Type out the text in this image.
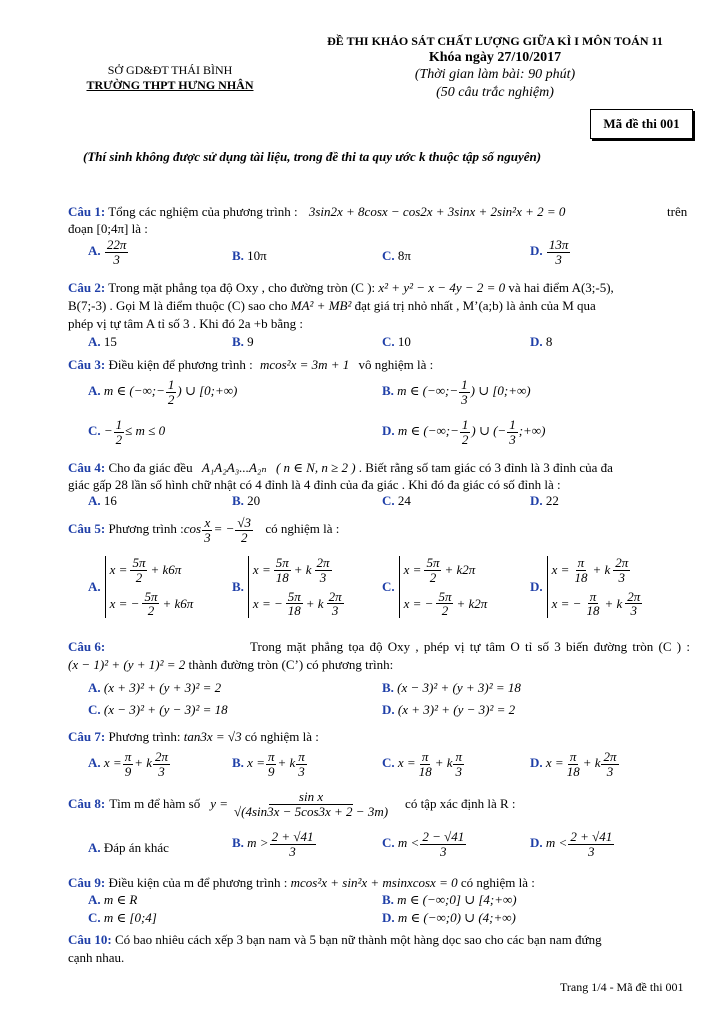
ĐỀ THI KHẢO SÁT CHẤT LƯỢNG GIỮA KÌ I MÔN TOÁN 11
Khóa ngày 27/10/2017
(Thời gian làm bài: 90 phút)
(50 câu trắc nghiệm)
SỞ GD&ĐT THÁI BÌNH
TRƯỜNG THPT HƯNG NHÂN
Mã đề thi 001
(Thí sinh không được sử dụng tài liệu, trong đề thi ta quy ước k thuộc tập số nguyên)
Câu 1: Tổng các nghiệm của phương trình : 3sin2x + 8cosx − cos2x + 3sinx + 2sin²x + 2 = 0	trên
đoạn [0;4π] là :
A. $\frac{22\pi}{3}$	B. 10π	C. 8π	D. $\frac{13\pi}{3}$
Câu 2: Trong mặt phẳng tọa độ Oxy , cho đường tròn (C ): x² + y² − x − 4y − 2 = 0 và hai điểm A(3;-5),
B(7;-3) . Gọi M là điểm thuộc (C) sao cho MA² + MB² đạt giá trị nhỏ nhất , M’(a;b) là ảnh của M qua
phép vị tự tâm A tỉ số 3 . Khi đó 2a +b bằng :
A. 15	B. 9	C. 10	D. 8
Câu 3: Điều kiện để phương trình : mcos²x = 3m + 1 vô nghiệm là :
A. m ∈ (−∞;− $\frac{1}{2}$ ) ∪ [0;+∞)	B. m ∈ (−∞;− $\frac{1}{3}$ ) ∪ [0;+∞)
C. − $\frac{1}{2} \le m \le 0$	D. m ∈ (−∞;− $\frac{1}{2}$ ) ∪ (− $\frac{1}{3}$ ;+∞)
Câu 4: Cho đa giác đều A₁A₂A₃...A₂ₙ ( n ∈ N, n ≥ 2 ) . Biết rằng số tam giác có 3 đỉnh là 3 đỉnh của đa
giác gấp 28 lần số hình chữ nhật có 4 đỉnh là 4 đỉnh của đa giác . Khi đó đa giác có số đỉnh là :
A. 16	B. 20	C. 24	D. 22
Câu 5: Phương trình :cos $\frac{x}{3}$ = − $\frac{√3}{2}$ có nghiệm là :
A.
$x = \frac{5\pi}{2} + k6\pi$
x = − $\frac{5\pi}{2} + k6\pi$
B.
$x = \frac{5\pi}{18} + k \frac{2\pi}{3}$
x = − $\frac{5\pi}{18} + k \frac{2\pi}{3}$
C.
$x = \frac{5\pi}{2} + k2\pi$
x = − $\frac{5\pi}{2} + k2\pi$
D.
$x = \frac{\pi}{18} + k \frac{2\pi}{3}$
x = − $\frac{\pi}{18} + k \frac{2\pi}{3}$
Câu 6:	Trong mặt phẳng tọa độ Oxy , phép vị tự tâm O tỉ số 3 biến đường tròn (C ) :
(x − 1)² + (y + 1)² = 2 thành đường tròn (C’) có phương trình:
A. (x + 3)² + (y + 3)² = 2	B. (x − 3)² + (y + 3)² = 18
C. (x − 3)² + (y − 3)² = 18	D. (x + 3)² + (y − 3)² = 2
Câu 7: Phương trình: tan3x = √3 có nghiệm là :
A. $x = \frac{\pi}{9} + k \frac{2\pi}{3}$	B. $x = \frac{\pi}{9} + k \frac{\pi}{3}$	C. $x = \frac{\pi}{18} + k \frac{\pi}{3}$	D. $x = \frac{\pi}{18} + k \frac{2\pi}{3}$
Câu 8: Tìm m để hàm số $y = \frac{\text{sin x}}{√(4\sin 3x - 5\cos 3x + 2 - 3m)}$ có tập xác định là R :
A. Đáp án khác	B. $m > \frac{2 + √41}{3}$	C. $m < \frac{2 - √41}{3}$	D. $m < \frac{2 + √41}{3}$
Câu 9: Điều kiện của m để phương trình : mcos²x + sin²x + msinxcosx = 0 có nghiệm là :
A. m ∈ R	B. m ∈ (−∞;0] ∪ [4;+∞)
C. m ∈ [0;4]	D. m ∈ (−∞;0) ∪ (4;+∞)
Câu 10: Có bao nhiêu cách xếp 3 bạn nam và 5 bạn nữ thành một hàng dọc sao cho các bạn nam đứng
cạnh nhau.
Trang 1/4 - Mã đề thi 001
